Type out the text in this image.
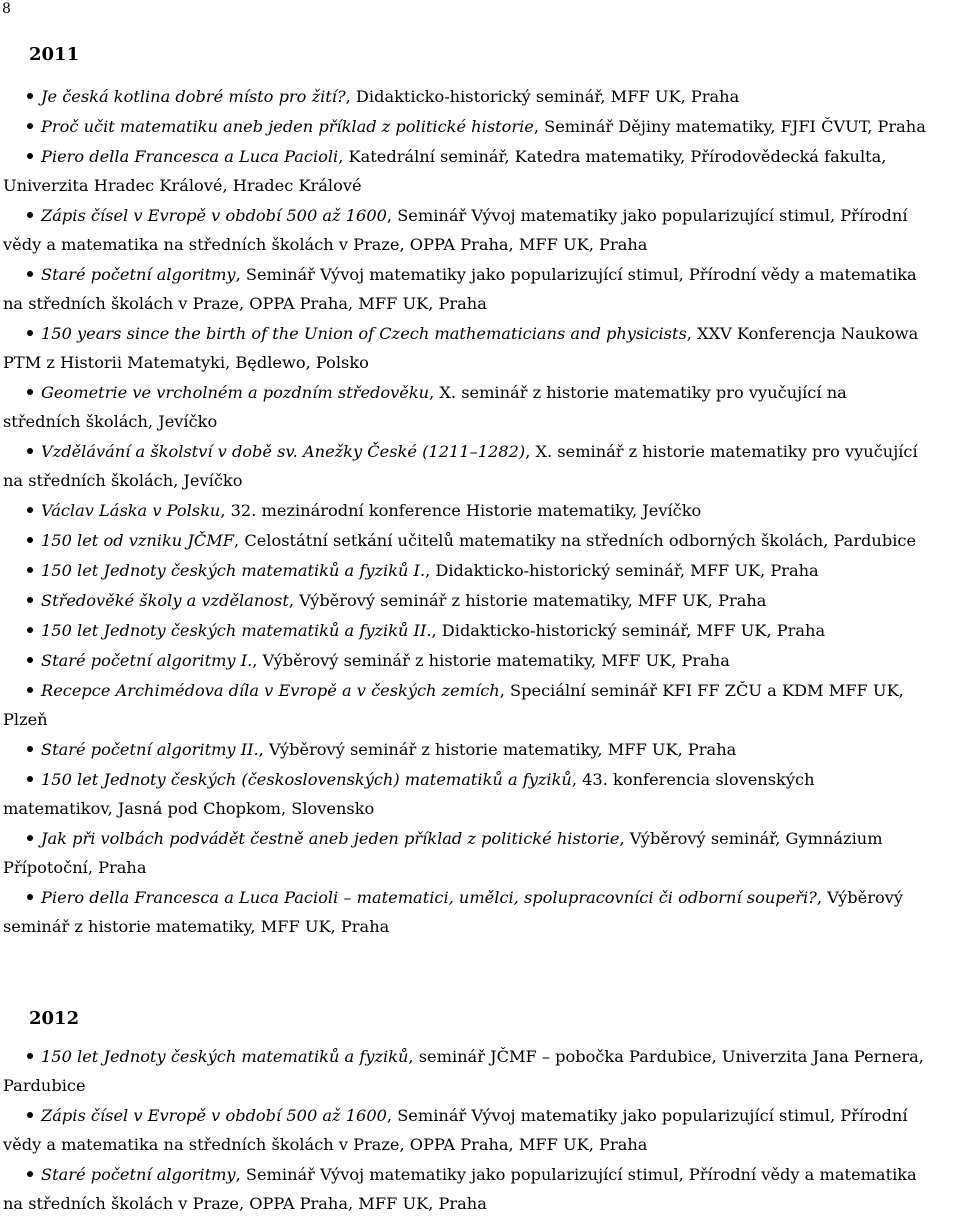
8
2011

Je česká kotlina dobré místo pro žití?, Didakticko-historický seminář, MFF UK, Praha

Proč učit matematiku aneb jeden příklad z politické historie, Seminář Dějiny matematiky, FJFI ČVUT, Praha

Piero della Francesca a Luca Pacioli, Katedrální seminář, Katedra matematiky, Přírodovědecká fakulta, Univerzita Hradec Králové, Hradec Králové

Zápis čísel v Evropě v období 500 až 1600, Seminář Vývoj matematiky jako popularizující stimul, Přírodní vědy a matematika na středních školách v Praze, OPPA Praha, MFF UK, Praha

Staré početní algoritmy, Seminář Vývoj matematiky jako popularizující stimul, Přírodní vědy a matematika na středních školách v Praze, OPPA Praha, MFF UK, Praha

150 years since the birth of the Union of Czech mathematicians and physicists, XXV Konferencja Naukowa PTM z Historii Matematyki, Będlewo, Polsko

Geometrie ve vrcholném a pozdním středověku, X. seminář z historie matematiky pro vyučující na středních školách, Jevíčko

Vzdělávání a školství v době sv. Anežky České (1211–1282), X. seminář z historie matematiky pro vyučující na středních školách, Jevíčko

Václav Láska v Polsku, 32. mezinárodní konference Historie matematiky, Jevíčko

150 let od vzniku JČMF, Celostátní setkání učitelů matematiky na středních odborných školách, Pardubice

150 let Jednoty českých matematiků a fyziků I., Didakticko-historický seminář, MFF UK, Praha

Středověké školy a vzdělanost, Výběrový seminář z historie matematiky, MFF UK, Praha

150 let Jednoty českých matematiků a fyziků II., Didakticko-historický seminář, MFF UK, Praha

Staré početní algoritmy I., Výběrový seminář z historie matematiky, MFF UK, Praha

Recepce Archimédova díla v Evropě a v českých zemích, Speciální seminář KFI FF ZČU a KDM MFF UK, Plzeň

Staré početní algoritmy II., Výběrový seminář z historie matematiky, MFF UK, Praha

150 let Jednoty českých (československých) matematiků a fyziků, 43. konferencia slovenských matematikov, Jasná pod Chopkom, Slovensko

Jak při volbách podvádět čestně aneb jeden příklad z politické historie, Výběrový seminář, Gymnázium Přípotoční, Praha

Piero della Francesca a Luca Pacioli – matematici, umělci, spolupracovníci či odborní soupeři?, Výběrový seminář z historie matematiky, MFF UK, Praha

2012

150 let Jednoty českých matematiků a fyziků, seminář JČMF – pobočka Pardubice, Univerzita Jana Pernera, Pardubice

Zápis čísel v Evropě v období 500 až 1600, Seminář Vývoj matematiky jako popularizující stimul, Přírodní vědy a matematika na středních školách v Praze, OPPA Praha, MFF UK, Praha

Staré početní algoritmy, Seminář Vývoj matematiky jako popularizující stimul, Přírodní vědy a matematika na středních školách v Praze, OPPA Praha, MFF UK, Praha
